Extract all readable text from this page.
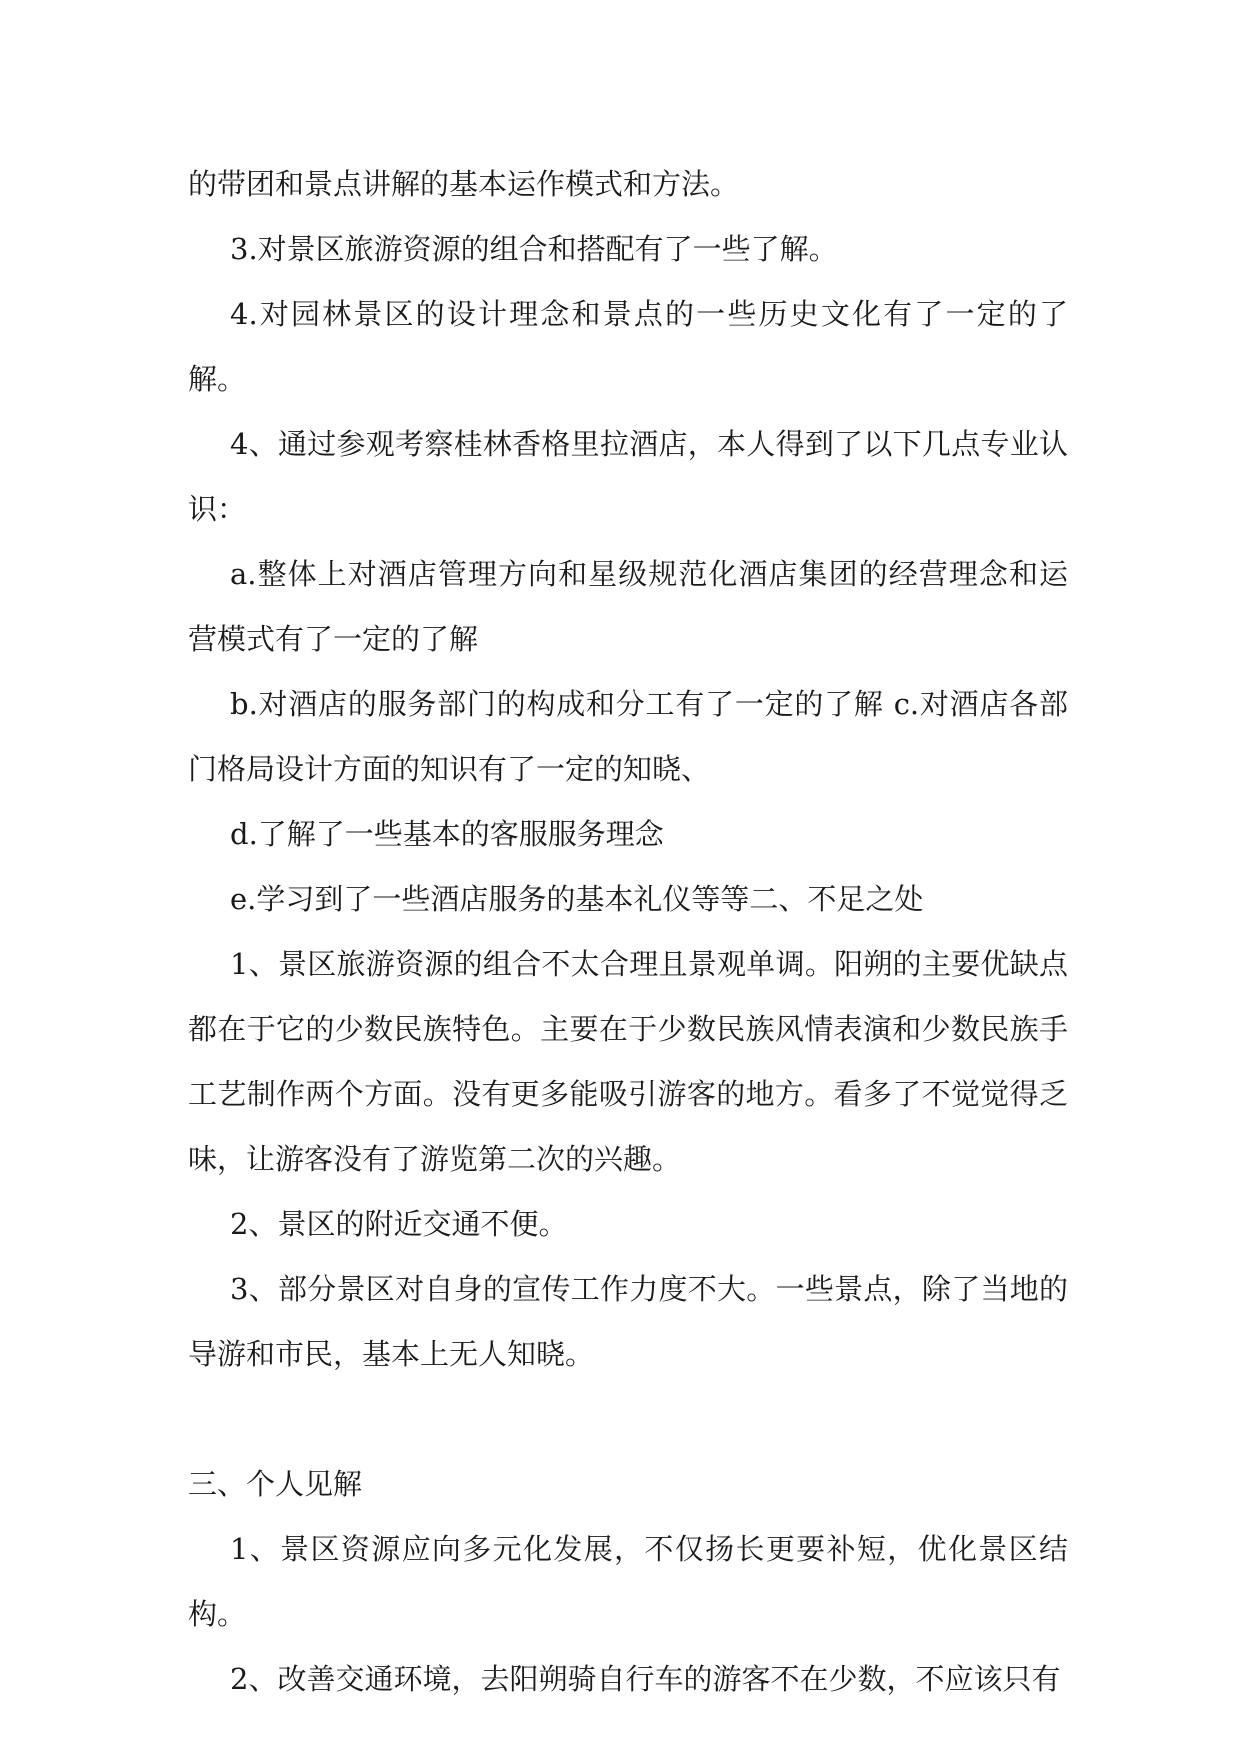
的带团和景点讲解的基本运作模式和方法。

3.对景区旅游资源的组合和搭配有了一些了解。

4.对园林景区的设计理念和景点的一些历史文化有了一定的了解。

4、通过参观考察桂林香格里拉酒店，本人得到了以下几点专业认识：

a.整体上对酒店管理方向和星级规范化酒店集团的经营理念和运营模式有了一定的了解

b.对酒店的服务部门的构成和分工有了一定的了解 c.对酒店各部门格局设计方面的知识有了一定的知晓、

d.了解了一些基本的客服服务理念

e.学习到了一些酒店服务的基本礼仪等等二、不足之处

1、景区旅游资源的组合不太合理且景观单调。阳朔的主要优缺点都在于它的少数民族特色。主要在于少数民族风情表演和少数民族手工艺制作两个方面。没有更多能吸引游客的地方。看多了不觉觉得乏味，让游客没有了游览第二次的兴趣。

2、景区的附近交通不便。

3、部分景区对自身的宣传工作力度不大。一些景点，除了当地的导游和市民，基本上无人知晓。

三、个人见解

1、景区资源应向多元化发展，不仅扬长更要补短，优化景区结构。

2、改善交通环境，去阳朔骑自行车的游客不在少数，不应该只有
